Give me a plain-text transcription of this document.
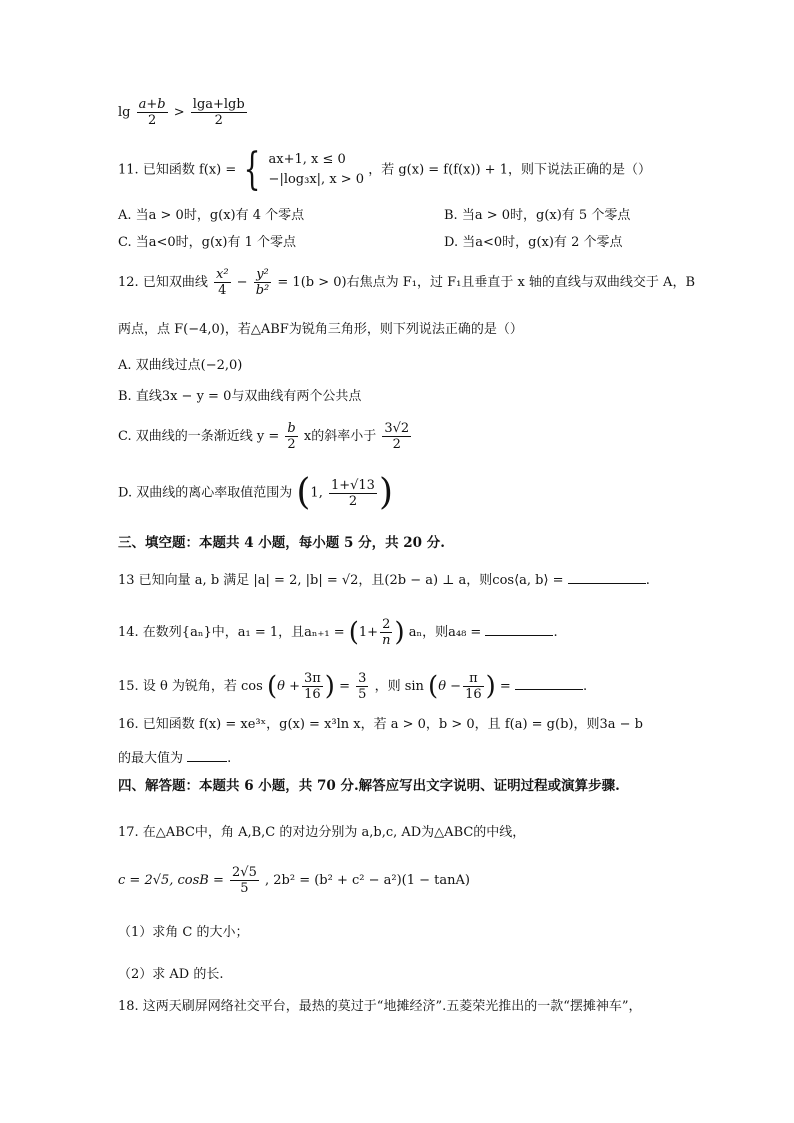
$\lg \frac{a+b}{2} > \frac{\lg a+\lg b}{2}$
11. 已知函数 f(x) = { ax+1, x ≤ 0
−|log₃x|, x > 0
，若 g(x) = f(f(x)) + 1，则下说法正确的是（）
A. 当a > 0时，g(x)有 4 个零点	B. 当a > 0时，g(x)有 5 个零点
C. 当a<0时，g(x)有 1 个零点	D. 当a<0时，g(x)有 2 个零点
12. 已知双曲线 $\frac{\text{x²}}{4} - \frac{\text{y²}}{\text{b²}} = 1(b > 0)$右焦点为 F₁，过 F₁且垂直于 x 轴的直线与双曲线交于 A，B
两点，点 F(−4,0)，若△ABF为锐角三角形，则下列说法正确的是（）
A. 双曲线过点(−2,0)
B. 直线3x − y = 0与双曲线有两个公共点
C. 双曲线的一条渐近线 $y = \frac{b}{2}$ x的斜率小于 $\frac{3√2}{2}$
D. 双曲线的离心率取值范围为 (1, $\frac{1+√13}{2}$ )
三、填空题：本题共 4 小题，每小题 5 分，共 20 分.
13 已知向量 a, b 满足 |a| = 2, |b| = √2，且(2b − a) ⊥ a，则cos⟨a, b⟩ =	.
14. 在数列{aₙ}中，a₁ = 1，且$a_{n+1} = (1+ \frac{2}{n}$ ) aₙ，则a₄₈ =	.
15. 设 θ 为锐角，若 $\cos (\theta + \frac{3\pi}{16}$ ) = $\frac{3}{5}$ ，则 $\sin (\theta - \frac{\pi}{16}$ ) =	.
16. 已知函数 f(x) = xe³ˣ，g(x) = x³ln x，若 a > 0，b > 0，且 f(a) = g(b)，则3a − b
的最大值为	.
四、解答题：本题共 6 小题，共 70 分.解答应写出文字说明、证明过程或演算步骤.
17. 在△ABC中，角 A,B,C 的对边分别为 a,b,c, AD为△ABC的中线，
c = 2√5, $\cos B = \frac{2√5}{5}$ , 2b² = (b² + c² − a²)(1 − tanA)
（1）求角 C 的大小；
（2）求 AD 的长.
18. 这两天刷屏网络社交平台，最热的莫过于“地摊经济”.五菱荣光推出的一款“摆摊神车”，
